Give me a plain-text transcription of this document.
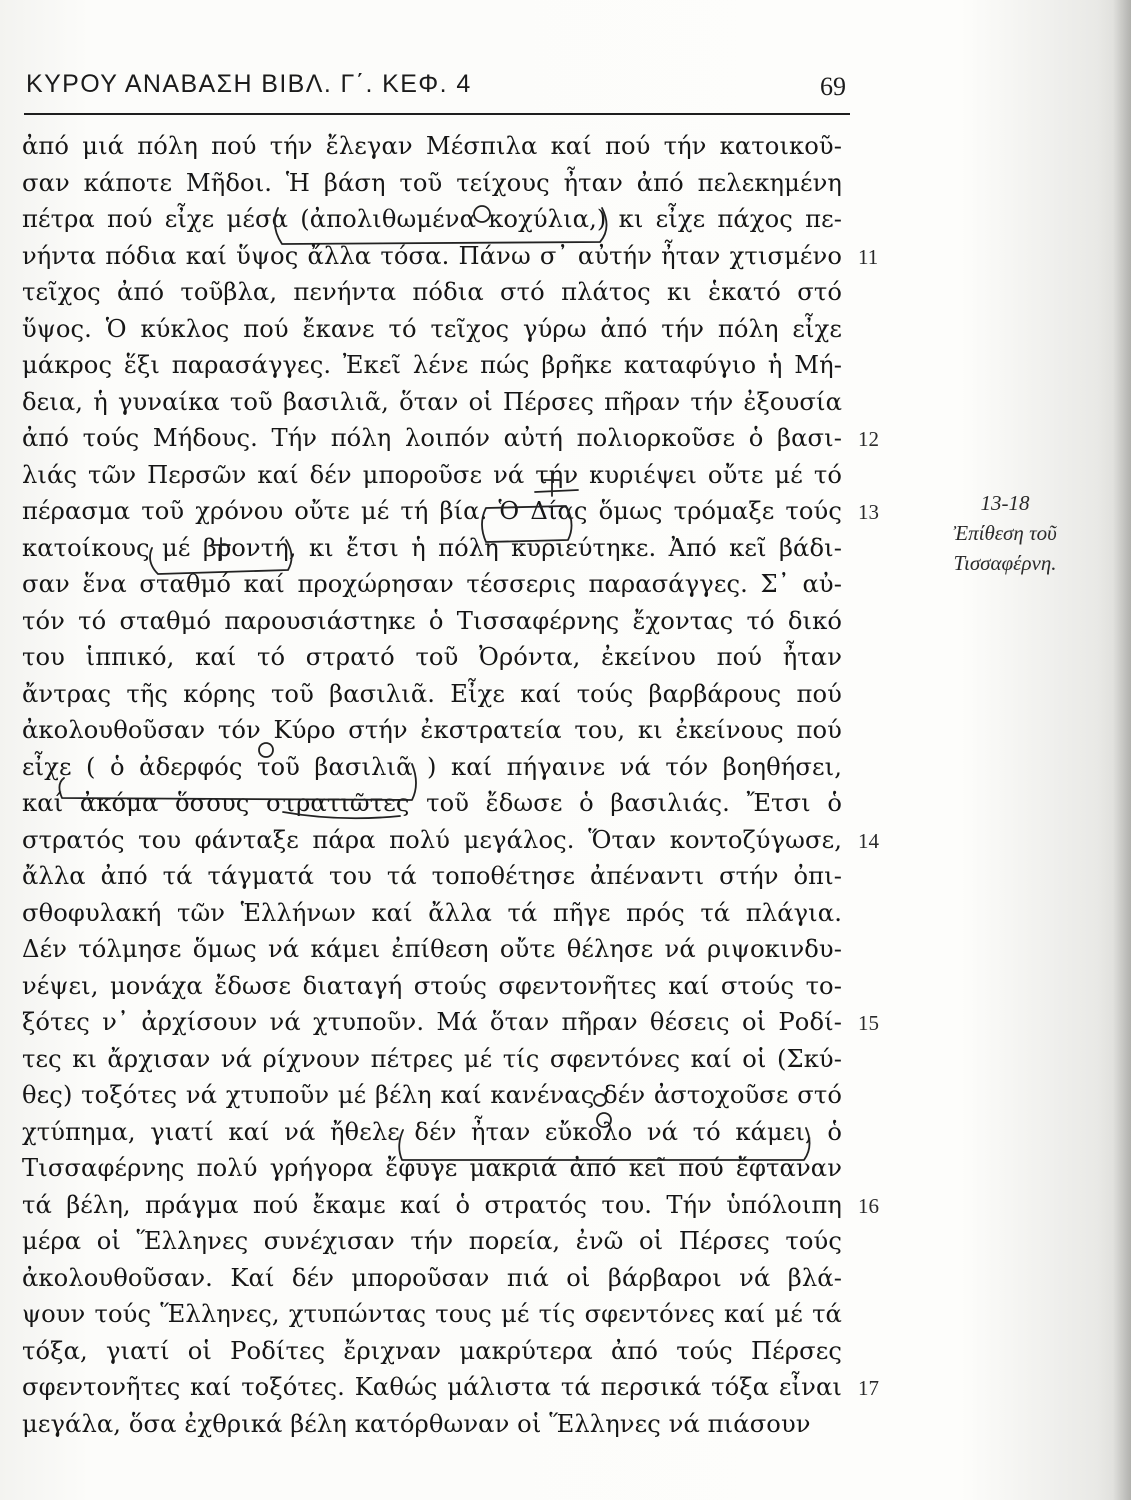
ΚΥΡΟΥ ΑΝΑΒΑΣΗ ΒΙΒΛ. Γ΄. ΚΕΦ. 4	69
ἀπό μιά πόλη πού τήν ἔλεγαν Μέσπιλα καί πού τήν κατοικοῦ-
σαν κάποτε Μῆδοι. Ἡ βάση τοῦ τείχους ἦταν ἀπό πελεκημένη
πέτρα πού εἶχε μέσα (ἀπολιθωμένα κοχύλια,) κι εἶχε πάχος πε-
νήντα πόδια καί ὕψος ἄλλα τόσα. Πάνω σ᾿ αὐτήν ἦταν χτισμένο
τεῖχος ἀπό τοῦβλα, πενήντα πόδια στό πλάτος κι ἑκατό στό
ὕψος. Ὁ κύκλος πού ἔκανε τό τεῖχος γύρω ἀπό τήν πόλη εἶχε
μάκρος ἕξι παρασάγγες. Ἐκεῖ λένε πώς βρῆκε καταφύγιο ἡ Μή-
δεια, ἡ γυναίκα τοῦ βασιλιᾶ, ὅταν οἱ Πέρσες πῆραν τήν ἐξουσία
ἀπό τούς Μήδους. Τήν πόλη λοιπόν αὐτή πολιορκοῦσε ὁ βασι-
λιάς τῶν Περσῶν καί δέν μποροῦσε νά τήν κυριέψει οὔτε μέ τό
πέρασμα τοῦ χρόνου οὔτε μέ τή βία. Ὁ Δίας ὅμως τρόμαξε τούς
κατοίκους μέ βροντή, κι ἔτσι ἡ πόλη κυριεύτηκε. Ἀπό κεῖ βάδι-
σαν ἕνα σταθμό καί προχώρησαν τέσσερις παρασάγγες. Σ᾿ αὐ-
τόν τό σταθμό παρουσιάστηκε ὁ Τισσαφέρνης ἔχοντας τό δικό
του ἱππικό, καί τό στρατό τοῦ Ὀρόντα, ἐκείνου πού ἦταν
ἄντρας τῆς κόρης τοῦ βασιλιᾶ. Εἶχε καί τούς βαρβάρους πού
ἀκολουθοῦσαν τόν Κύρο στήν ἐκστρατεία του, κι ἐκείνους πού
εἶχε ( ὁ ἀδερφός τοῦ βασιλιᾶ ) καί πήγαινε νά τόν βοηθήσει,
καί ἀκόμα ὅσους στρατιῶτες τοῦ ἔδωσε ὁ βασιλιάς. Ἔτσι ὁ
στρατός του φάνταξε πάρα πολύ μεγάλος. Ὅταν κοντοζύγωσε,
ἄλλα ἀπό τά τάγματά του τά τοποθέτησε ἀπέναντι στήν ὀπι-
σθοφυλακή τῶν Ἑλλήνων καί ἄλλα τά πῆγε πρός τά πλάγια.
Δέν τόλμησε ὅμως νά κάμει ἐπίθεση οὔτε θέλησε νά ριψοκινδυ-
νέψει, μονάχα ἔδωσε διαταγή στούς σφεντονῆτες καί στούς το-
ξότες ν᾿ ἀρχίσουν νά χτυποῦν. Μά ὅταν πῆραν θέσεις οἱ Ροδί-
τες κι ἄρχισαν νά ρίχνουν πέτρες μέ τίς σφεντόνες καί οἱ (Σκύ-
θες) τοξότες νά χτυποῦν μέ βέλη καί κανένας δέν ἀστοχοῦσε στό
χτύπημα, γιατί καί νά ἤθελε δέν ἦταν εὔκολο νά τό κάμει, ὁ
Τισσαφέρνης πολύ γρήγορα ἔφυγε μακριά ἀπό κεῖ πού ἔφταναν
τά βέλη, πράγμα πού ἔκαμε καί ὁ στρατός του. Τήν ὑπόλοιπη
μέρα οἱ Ἕλληνες συνέχισαν τήν πορεία, ἐνῶ οἱ Πέρσες τούς
ἀκολουθοῦσαν. Καί δέν μποροῦσαν πιά οἱ βάρβαροι νά βλά-
ψουν τούς Ἕλληνες, χτυπώντας τους μέ τίς σφεντόνες καί μέ τά
τόξα, γιατί οἱ Ροδίτες ἔριχναν μακρύτερα ἀπό τούς Πέρσες
σφεντονῆτες καί τοξότες. Καθώς μάλιστα τά περσικά τόξα εἶναι
μεγάλα, ὅσα ἐχθρικά βέλη κατόρθωναν οἱ Ἕλληνες νά πιάσουν
11
12
13
14
15
16
17
13-18
Ἐπίθεση τοῦ
Τισσαφέρνη.
